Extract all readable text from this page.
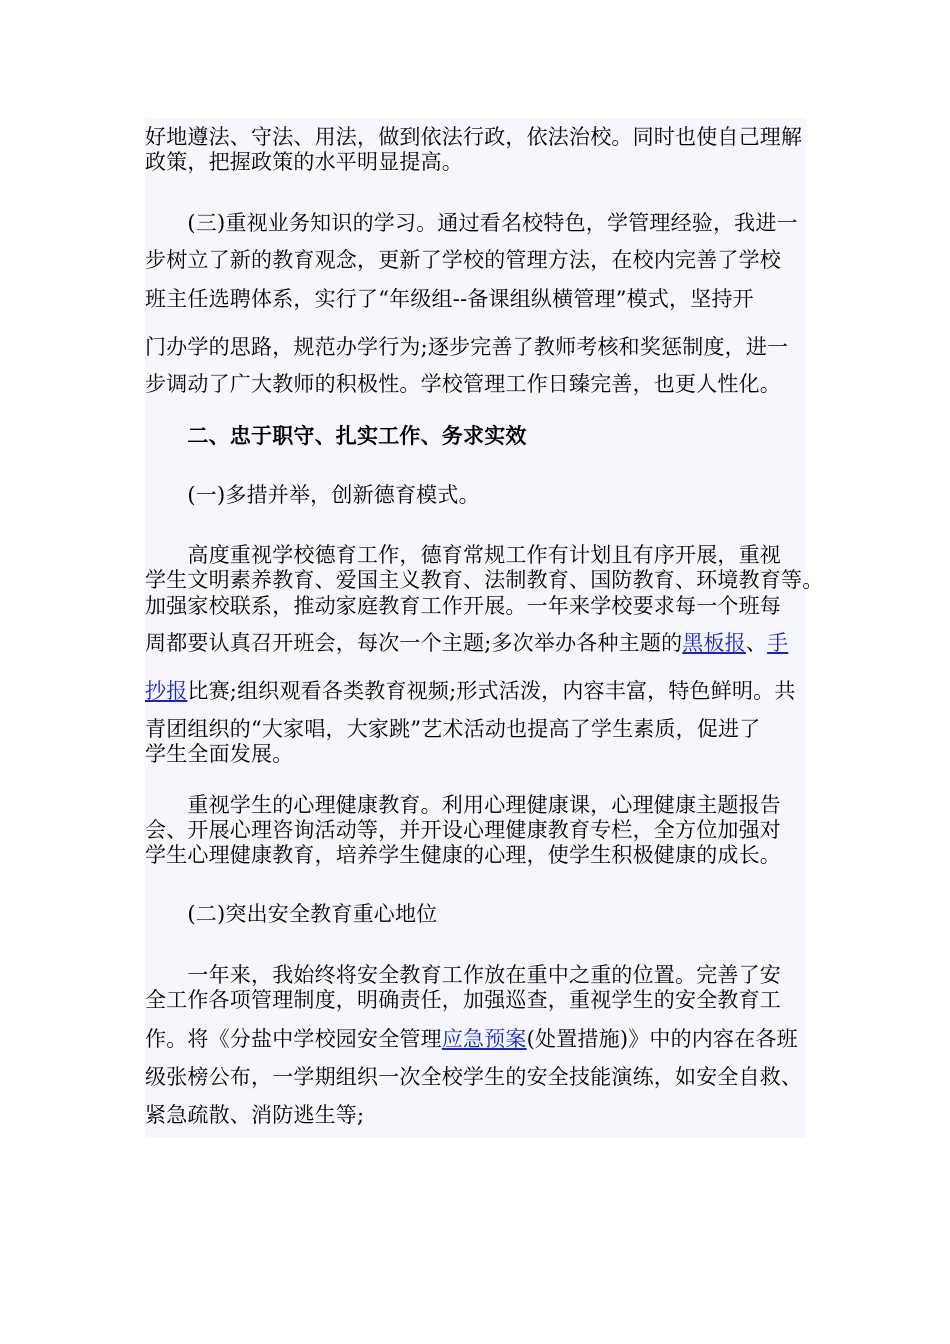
好地遵法、守法、用法，做到依法行政，依法治校。同时也使自己理解
政策，把握政策的水平明显提高。
　　(三)重视业务知识的学习。通过看名校特色，学管理经验，我进一
步树立了新的教育观念，更新了学校的管理方法，在校内完善了学校
班主任选聘体系，实行了“年级组--备课组纵横管理”模式，坚持开
门办学的思路，规范办学行为;逐步完善了教师考核和奖惩制度，进一
步调动了广大教师的积极性。学校管理工作日臻完善，也更人性化。
　　二、忠于职守、扎实工作、务求实效
　　(一)多措并举，创新德育模式。
　　高度重视学校德育工作，德育常规工作有计划且有序开展，重视
学生文明素养教育、爱国主义教育、法制教育、国防教育、环境教育等。
加强家校联系，推动家庭教育工作开展。一年来学校要求每一个班每
周都要认真召开班会，每次一个主题;多次举办各种主题的黑板报、手
抄报比赛;组织观看各类教育视频;形式活泼，内容丰富，特色鲜明。共
青团组织的“大家唱，大家跳”艺术活动也提高了学生素质，促进了
学生全面发展。
　　重视学生的心理健康教育。利用心理健康课，心理健康主题报告
会、开展心理咨询活动等，并开设心理健康教育专栏，全方位加强对
学生心理健康教育，培养学生健康的心理，使学生积极健康的成长。
　　(二)突出安全教育重心地位
　　一年来，我始终将安全教育工作放在重中之重的位置。完善了安
全工作各项管理制度，明确责任，加强巡查，重视学生的安全教育工
作。将《分盐中学校园安全管理应急预案(处置措施)》中的内容在各班
级张榜公布，一学期组织一次全校学生的安全技能演练，如安全自救、
紧急疏散、消防逃生等;
